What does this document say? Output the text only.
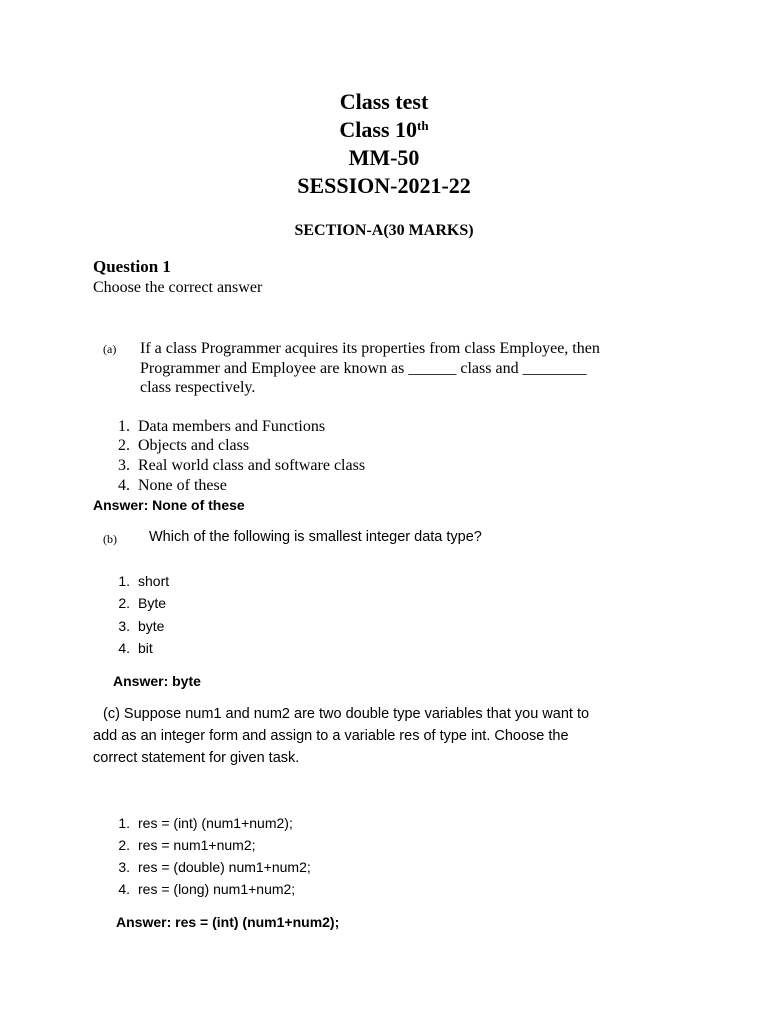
Class test
Class 10th
MM-50
SESSION-2021-22
SECTION-A(30 MARKS)
Question 1
Choose the correct answer
(a) If a class Programmer acquires its properties from class Employee, then
Programmer and Employee are known as ______ class and ________
class respectively.
1. Data members and Functions
2. Objects and class
3. Real world class and software class
4. None of these
Answer: None of these
(b) Which of the following is smallest integer data type?
1. short
2. Byte
3. byte
4. bit
Answer: byte
(c) Suppose num1 and num2 are two double type variables that you want to
add as an integer form and assign to a variable res of type int. Choose the
correct statement for given task.
1. res = (int) (num1+num2);
2. res = num1+num2;
3. res = (double) num1+num2;
4. res = (long) num1+num2;
Answer: res = (int) (num1+num2);
